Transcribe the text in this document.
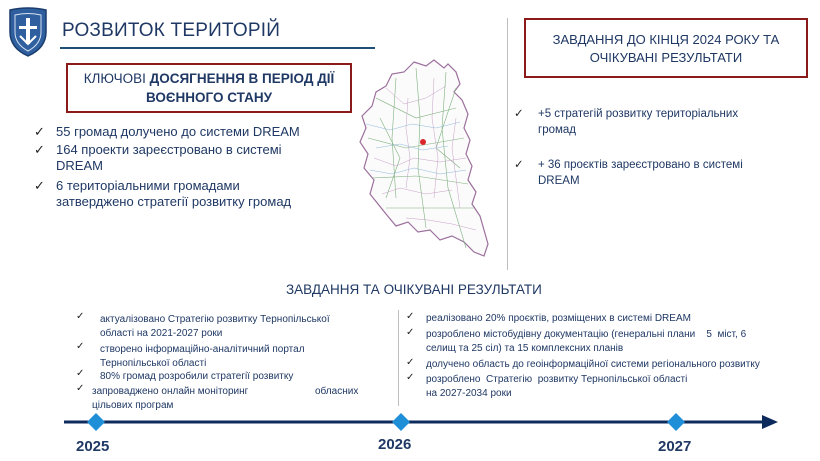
РОЗВИТОК ТЕРИТОРІЙ
КЛЮЧОВІ ДОСЯГНЕННЯ В ПЕРІОД ДІЇ
ВОЄННОГО СТАНУ
✓ 55 громад долучено до системи DREAM
✓ 164 проекти зареєстровано в системі
DREAM
✓ 6 територіальними громадами
затверджено стратегії розвитку громад
ЗАВДАННЯ ДО КІНЦЯ 2024 РОКУ ТА
ОЧІКУВАНІ РЕЗУЛЬТАТИ
✓ +5 стратегій розвитку територіальних
громад
✓ + 36 проєктів зареєстровано в системі
DREAM
ЗАВДАННЯ ТА ОЧІКУВАНІ РЕЗУЛЬТАТИ
✓ актуалізовано Стратегію розвитку Тернопільської
області на 2021-2027 роки
✓ створено інформаційно-аналітичний портал
Тернопільської області
✓ 80% громад розробили стратегії розвитку
✓ запроваджено онлайн моніторинг                        обласних
цільових програм
✓ реалізовано 20% проєктів, розміщених в системі DREAM
✓ розроблено містобудівну документацію (генеральні плани    5  міст, 6
селищ та 25 сіл) та 15 комплексних планів
✓ долучено область до геоінформаційної системи регіонального розвитку
✓ розроблено  Стратегію  розвитку Тернопільської області
на 2027-2034 роки
2025	2026	2027
